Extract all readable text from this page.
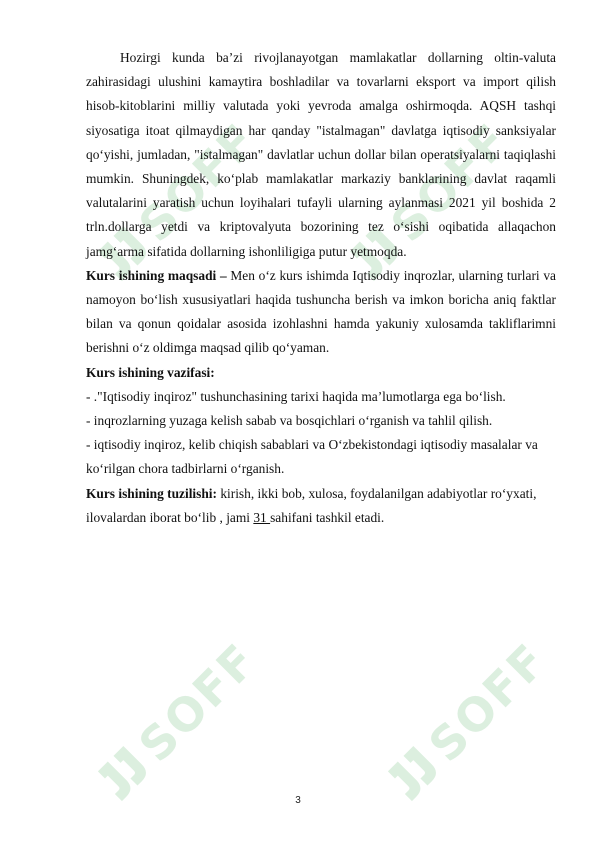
SOFF SOFF
SOFF	SOFF

Hozirgi kunda ba’zi rivojlanayotgan mamlakatlar dollarning oltin-valuta zahirasidagi ulushini kamaytira boshladilar va tovarlarni eksport va import qilish hisob-kitoblarini milliy valutada yoki yevroda amalga oshirmoqda. AQSH tashqi siyosatiga itoat qilmaydigan har qanday "istalmagan" davlatga iqtisodiy sanksiyalar qo‘yishi, jumladan, "istalmagan" davlatlar uchun dollar bilan operatsiyalarni taqiqlashi mumkin. Shuningdek, ko‘plab mamlakatlar markaziy banklarining davlat raqamli valutalarini yaratish uchun loyihalari tufayli ularning aylanmasi 2021 yil boshida 2 trln.dollarga yetdi va kriptovalyuta bozorining tez o‘sishi oqibatida allaqachon jamg‘arma sifatida dollarning ishonliligiga putur yetmoqda.

Kurs ishining maqsadi – Men o‘z kurs ishimda Iqtisodiy inqrozlar, ularning turlari va namoyon bo‘lish xususiyatlari haqida tushuncha berish va imkon boricha aniq faktlar bilan va qonun qoidalar asosida izohlashni hamda yakuniy xulosamda takliflarimni berishni o‘z oldimga maqsad qilib qo‘yaman.

Kurs ishining vazifasi:

- ."Iqtisodiy inqiroz" tushunchasining tarixi haqida ma’lumotlarga ega bo‘lish.

- inqrozlarning yuzaga kelish sabab va bosqichlari o‘rganish va tahlil qilish.

- iqtisodiy inqiroz, kelib chiqish sabablari va O‘zbekistondagi iqtisodiy masalalar va ko‘rilgan chora tadbirlarni o‘rganish.

Kurs ishining tuzilishi: kirish, ikki bob, xulosa, foydalanilgan adabiyotlar ro‘yxati, ilovalardan iborat bo‘lib , jami 31 sahifani tashkil etadi.

3
